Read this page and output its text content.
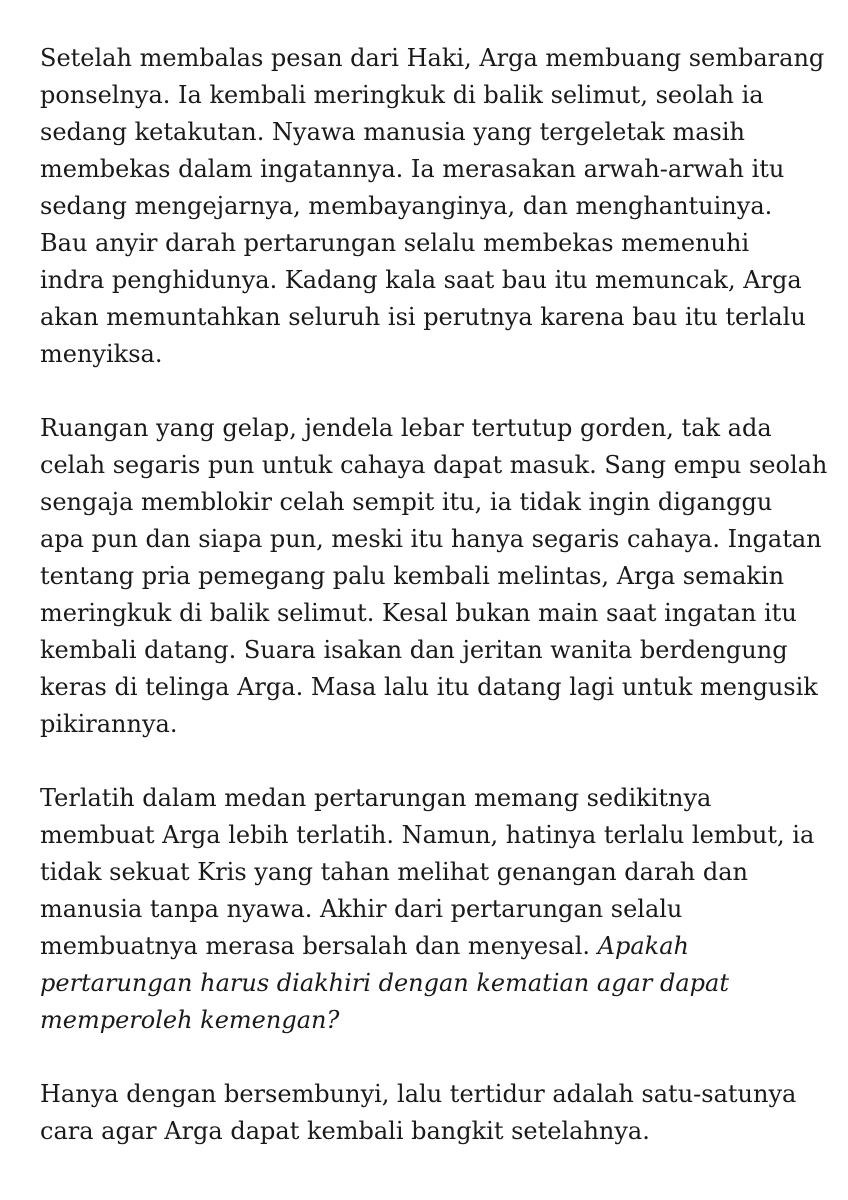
Setelah membalas pesan dari Haki, Arga membuang sembarang
ponselnya. Ia kembali meringkuk di balik selimut, seolah ia
sedang ketakutan. Nyawa manusia yang tergeletak masih
membekas dalam ingatannya. Ia merasakan arwah-arwah itu
sedang mengejarnya, membayanginya, dan menghantuinya.
Bau anyir darah pertarungan selalu membekas memenuhi
indra penghidunya. Kadang kala saat bau itu memuncak, Arga
akan memuntahkan seluruh isi perutnya karena bau itu terlalu
menyiksa.

Ruangan yang gelap, jendela lebar tertutup gorden, tak ada
celah segaris pun untuk cahaya dapat masuk. Sang empu seolah
sengaja memblokir celah sempit itu, ia tidak ingin diganggu
apa pun dan siapa pun, meski itu hanya segaris cahaya. Ingatan
tentang pria pemegang palu kembali melintas, Arga semakin
meringkuk di balik selimut. Kesal bukan main saat ingatan itu
kembali datang. Suara isakan dan jeritan wanita berdengung
keras di telinga Arga. Masa lalu itu datang lagi untuk mengusik
pikirannya.

Terlatih dalam medan pertarungan memang sedikitnya
membuat Arga lebih terlatih. Namun, hatinya terlalu lembut, ia
tidak sekuat Kris yang tahan melihat genangan darah dan
manusia tanpa nyawa. Akhir dari pertarungan selalu
membuatnya merasa bersalah dan menyesal. Apakah
pertarungan harus diakhiri dengan kematian agar dapat
memperoleh kemengan?

Hanya dengan bersembunyi, lalu tertidur adalah satu-satunya
cara agar Arga dapat kembali bangkit setelahnya.
